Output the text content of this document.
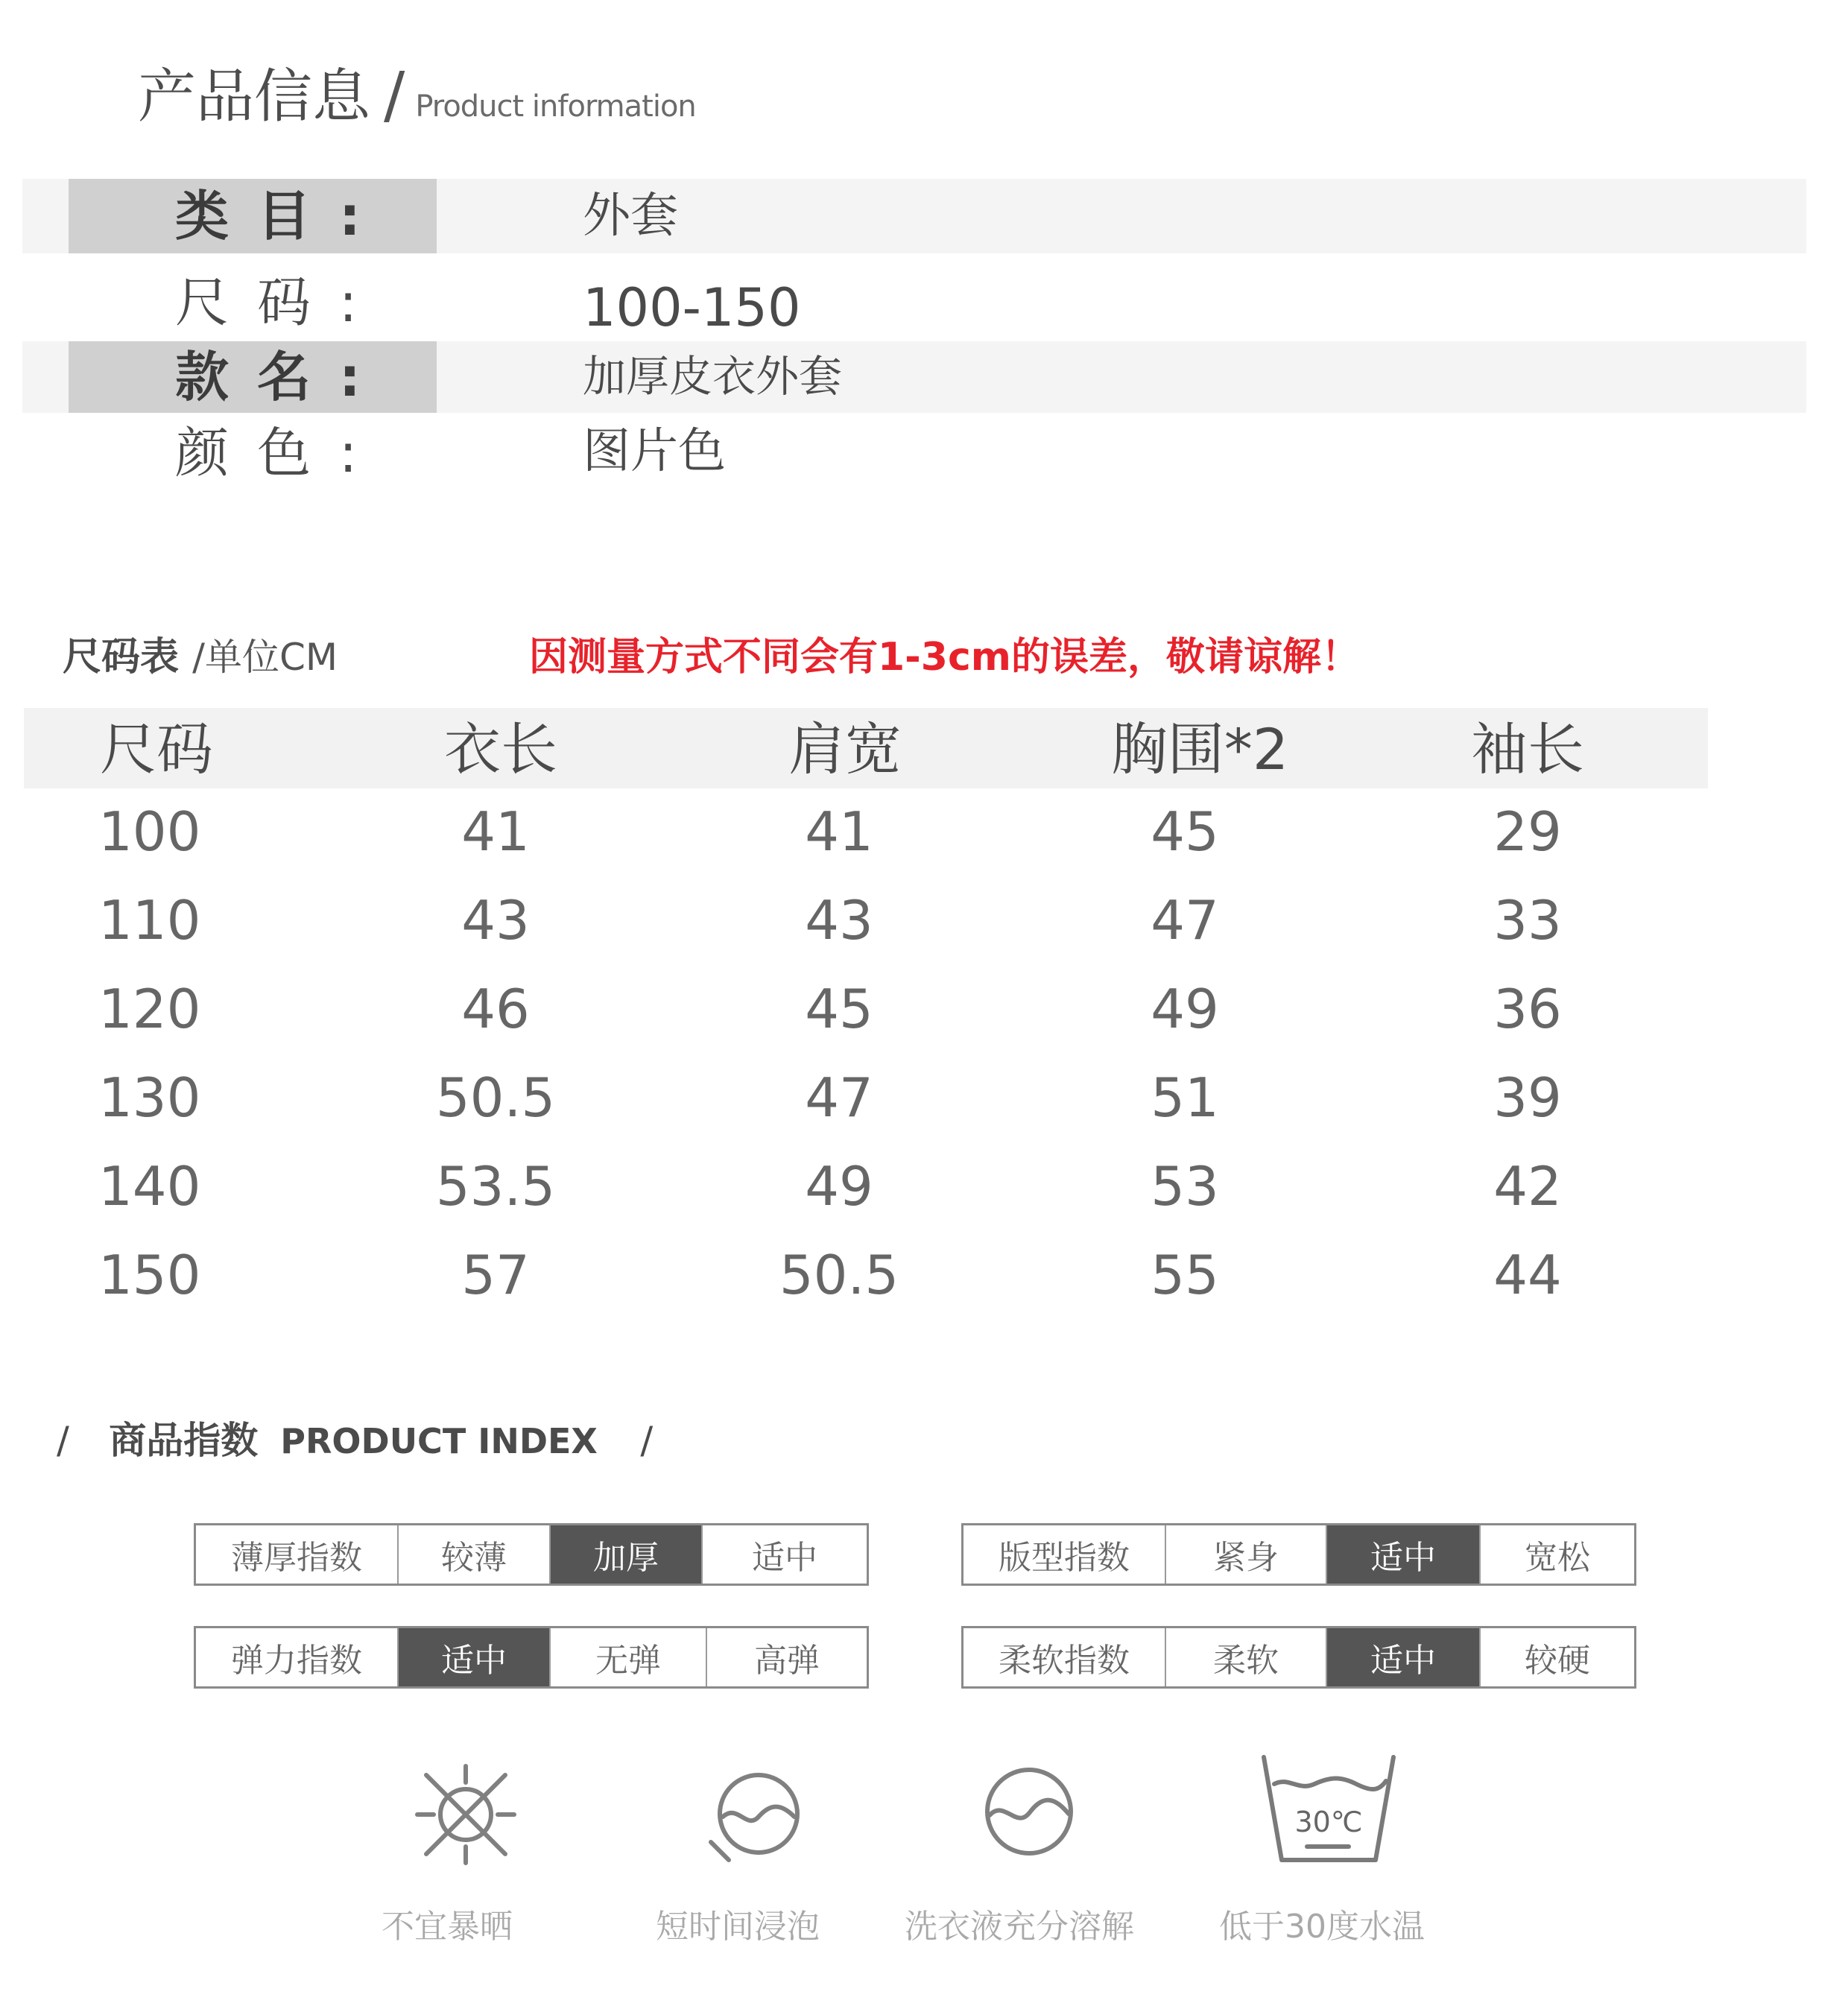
产品信息 / Product information
类目:	外套
尺码:	100-150
款名:	加厚皮衣外套
颜色:	图片色
尺码表 /单位CM	因测量方式不同会有1-3cm的误差，敬请谅解！
尺码	衣长	肩宽	胸围*2	袖长
100	41	41	45	29
110	43	43	47	33
120	46	45	49	36
130	50.5	47	51	39
140	53.5	49	53	42
150	57	50.5	55	44
/ 商品指数 PRODUCT INDEX /
薄厚指数	较薄	加厚	适中	版型指数	紧身	适中	宽松
弹力指数	适中	无弹	高弹	柔软指数	柔软	适中	较硬
30℃
不宜暴晒	短时间浸泡	洗衣液充分溶解	低于30度水温
